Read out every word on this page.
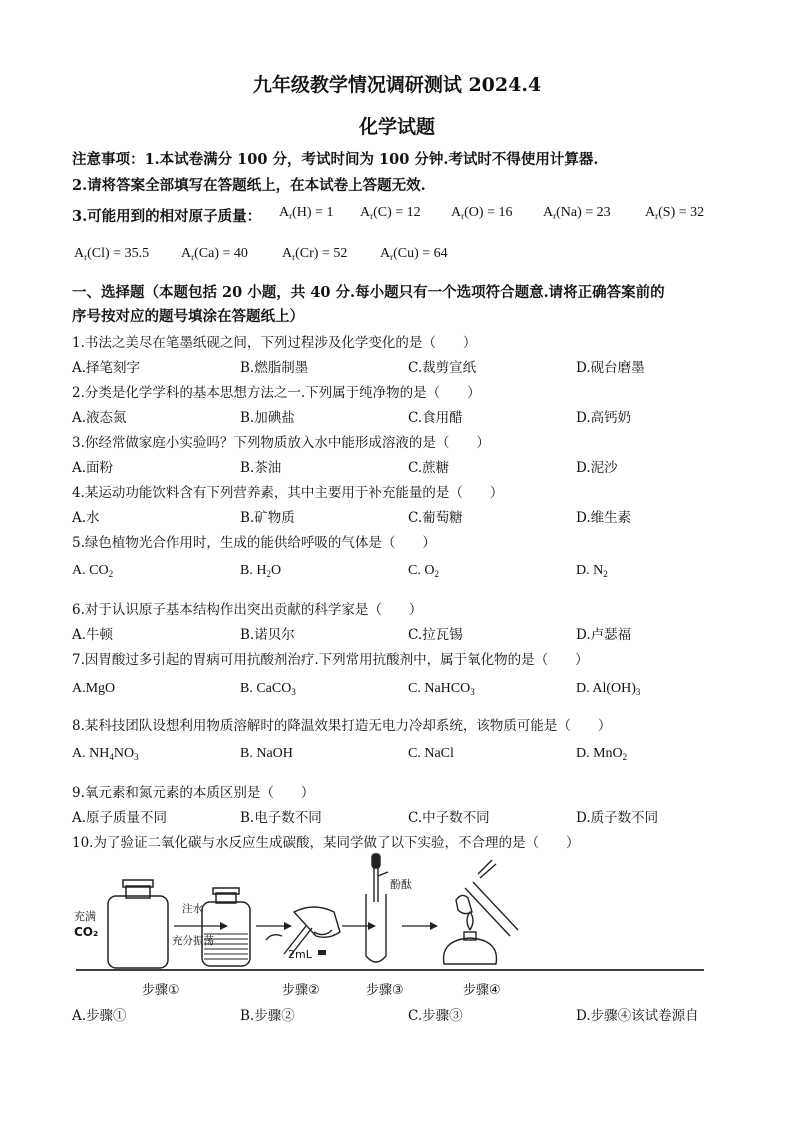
九年级教学情况调研测试 2024.4
化学试题
注意事项：1.本试卷满分 100 分，考试时间为 100 分钟.考试时不得使用计算器.
2.请将答案全部填写在答题纸上，在本试卷上答题无效.
3.可能用到的相对原子质量： $A_r(H) = 1$ $A_r(C) = 12$ $A_r(O) = 16$ $A_r(Na) = 23$ $A_r(S) = 32$
$A_r(Cl) = 35.5$ $A_r(Ca) = 40$ $A_r(Cr) = 52$ $A_r(Cu) = 64$
一、选择题（本题包括 20 小题，共 40 分.每小题只有一个选项符合题意.请将正确答案前的
序号按对应的题号填涂在答题纸上）
1.书法之美尽在笔墨纸砚之间，下列过程涉及化学变化的是（　　）
A.择笔刻字	B.燃脂制墨	C.裁剪宣纸	D.砚台磨墨
2.分类是化学学科的基本思想方法之一.下列属于纯净物的是（　　）
A.液态氮	B.加碘盐	C.食用醋	D.高钙奶
3.你经常做家庭小实验吗？下列物质放入水中能形成溶液的是（　　）
A.面粉	B.茶油	C.蔗糖	D.泥沙
4.某运动功能饮料含有下列营养素，其中主要用于补充能量的是（　　）
A.水	B.矿物质	C.葡萄糖	D.维生素
5.绿色植物光合作用时，生成的能供给呼吸的气体是（　　）
A. $CO_2$	B. $H_2O$	C. $O_2$	D. $N_2$
6.对于认识原子基本结构作出突出贡献的科学家是（　　）
A.牛顿	B.诺贝尔	C.拉瓦锡	D.卢瑟福
7.因胃酸过多引起的胃病可用抗酸剂治疗.下列常用抗酸剂中，属于氧化物的是（　　）
A.MgO	B. CaCO$_3$	C. NaHCO$_3$	D. $Al(OH)_3$
8.某科技团队设想利用物质溶解时的降温效果打造无电力冷却系统，该物质可能是（　　）
A. $NH_4NO_3$	B. NaOH	C. NaCl	D. MnO$_2$
9.氧元素和氮元素的本质区别是（　　）
A.原子质量不同	B.电子数不同	C.中子数不同	D.质子数不同
10.为了验证二氧化碳与水反应生成碳酸，某同学做了以下实验，不合理的是（　　）
充满
CO₂
注水
充分振荡
2mL
酚酞
步骤①	步骤②	步骤③	步骤④
A.步骤①	B.步骤②	C.步骤③	D.步骤④该试卷源自
